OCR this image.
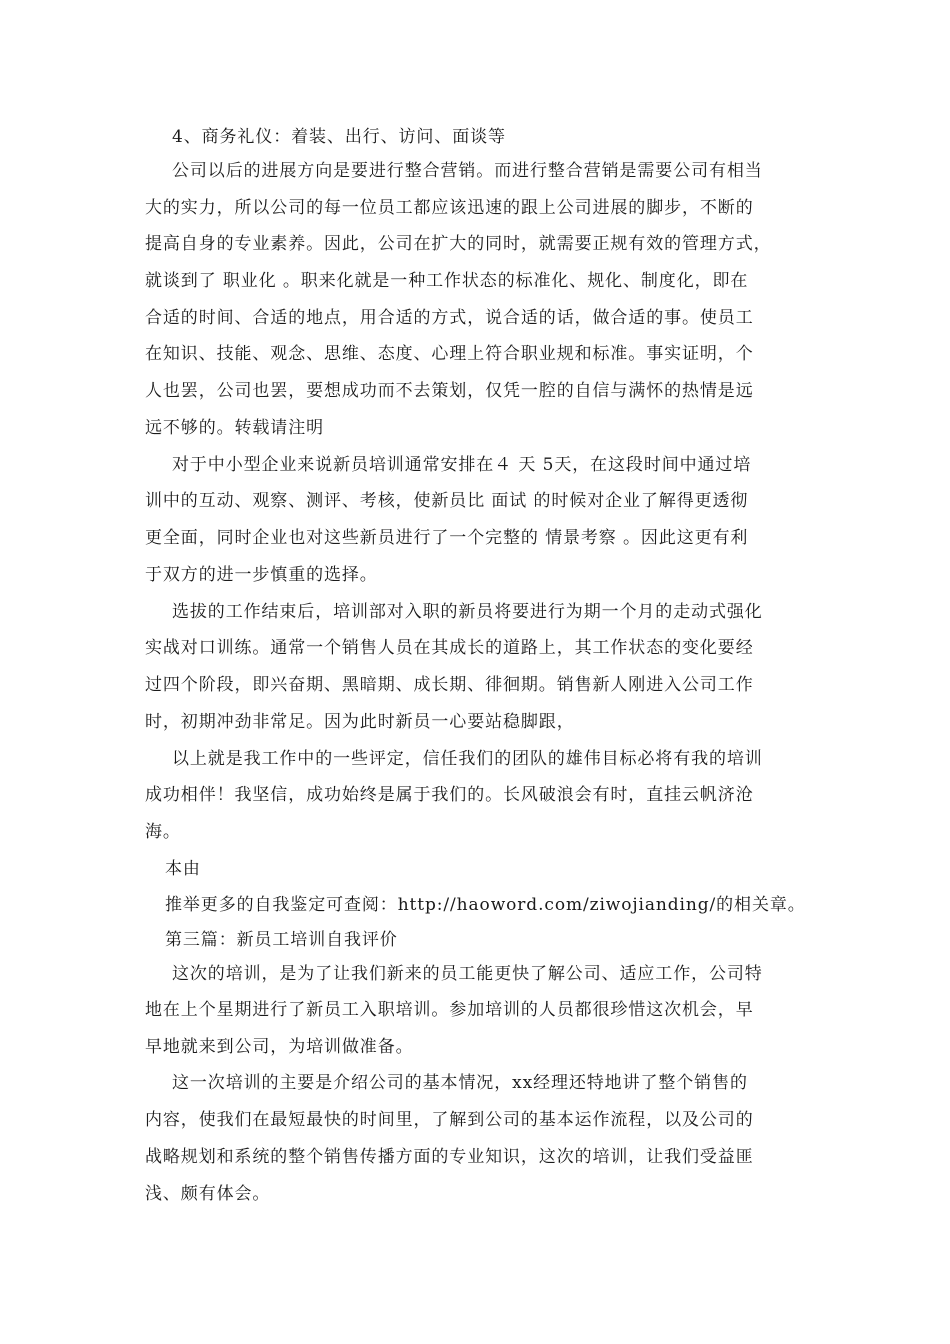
4、商务礼仪：着装、出行、访问、面谈等
公司以后的进展方向是要进行整合营销。而进行整合营销是需要公司有相当
大的实力，所以公司的每一位员工都应该迅速的跟上公司进展的脚步，不断的
提高自身的专业素养。因此，公司在扩大的同时，就需要正规有效的管理方式，
就谈到了 职业化 。职来化就是一种工作状态的标准化、规化、制度化，即在
合适的时间、合适的地点，用合适的方式，说合适的话，做合适的事。使员工
在知识、技能、观念、思维、态度、心理上符合职业规和标准。事实证明，个
人也罢，公司也罢，要想成功而不去策划，仅凭一腔的自信与满怀的热情是远
远不够的。转载请注明
对于中小型企业来说新员培训通常安排在４ 天 5天，在这段时间中通过培
训中的互动、观察、测评、考核，使新员比 面试 的时候对企业了解得更透彻
更全面，同时企业也对这些新员进行了一个完整的 情景考察 。因此这更有利
于双方的进一步慎重的选择。
选拔的工作结束后，培训部对入职的新员将要进行为期一个月的走动式强化
实战对口训练。通常一个销售人员在其成长的道路上，其工作状态的变化要经
过四个阶段，即兴奋期、黑暗期、成长期、徘徊期。销售新人刚进入公司工作
时，初期冲劲非常足。因为此时新员一心要站稳脚跟，
以上就是我工作中的一些评定，信任我们的团队的雄伟目标必将有我的培训
成功相伴！我坚信，成功始终是属于我们的。长风破浪会有时，直挂云帆济沧
海。
本由
推举更多的自我鉴定可查阅：http://haoword.com/ziwojianding/的相关章。
第三篇：新员工培训自我评价
这次的培训，是为了让我们新来的员工能更快了解公司、适应工作，公司特
地在上个星期进行了新员工入职培训。参加培训的人员都很珍惜这次机会，早
早地就来到公司，为培训做准备。
这一次培训的主要是介绍公司的基本情况，xx经理还特地讲了整个销售的
内容，使我们在最短最快的时间里，了解到公司的基本运作流程，以及公司的
战略规划和系统的整个销售传播方面的专业知识，这次的培训，让我们受益匪
浅、颇有体会。
